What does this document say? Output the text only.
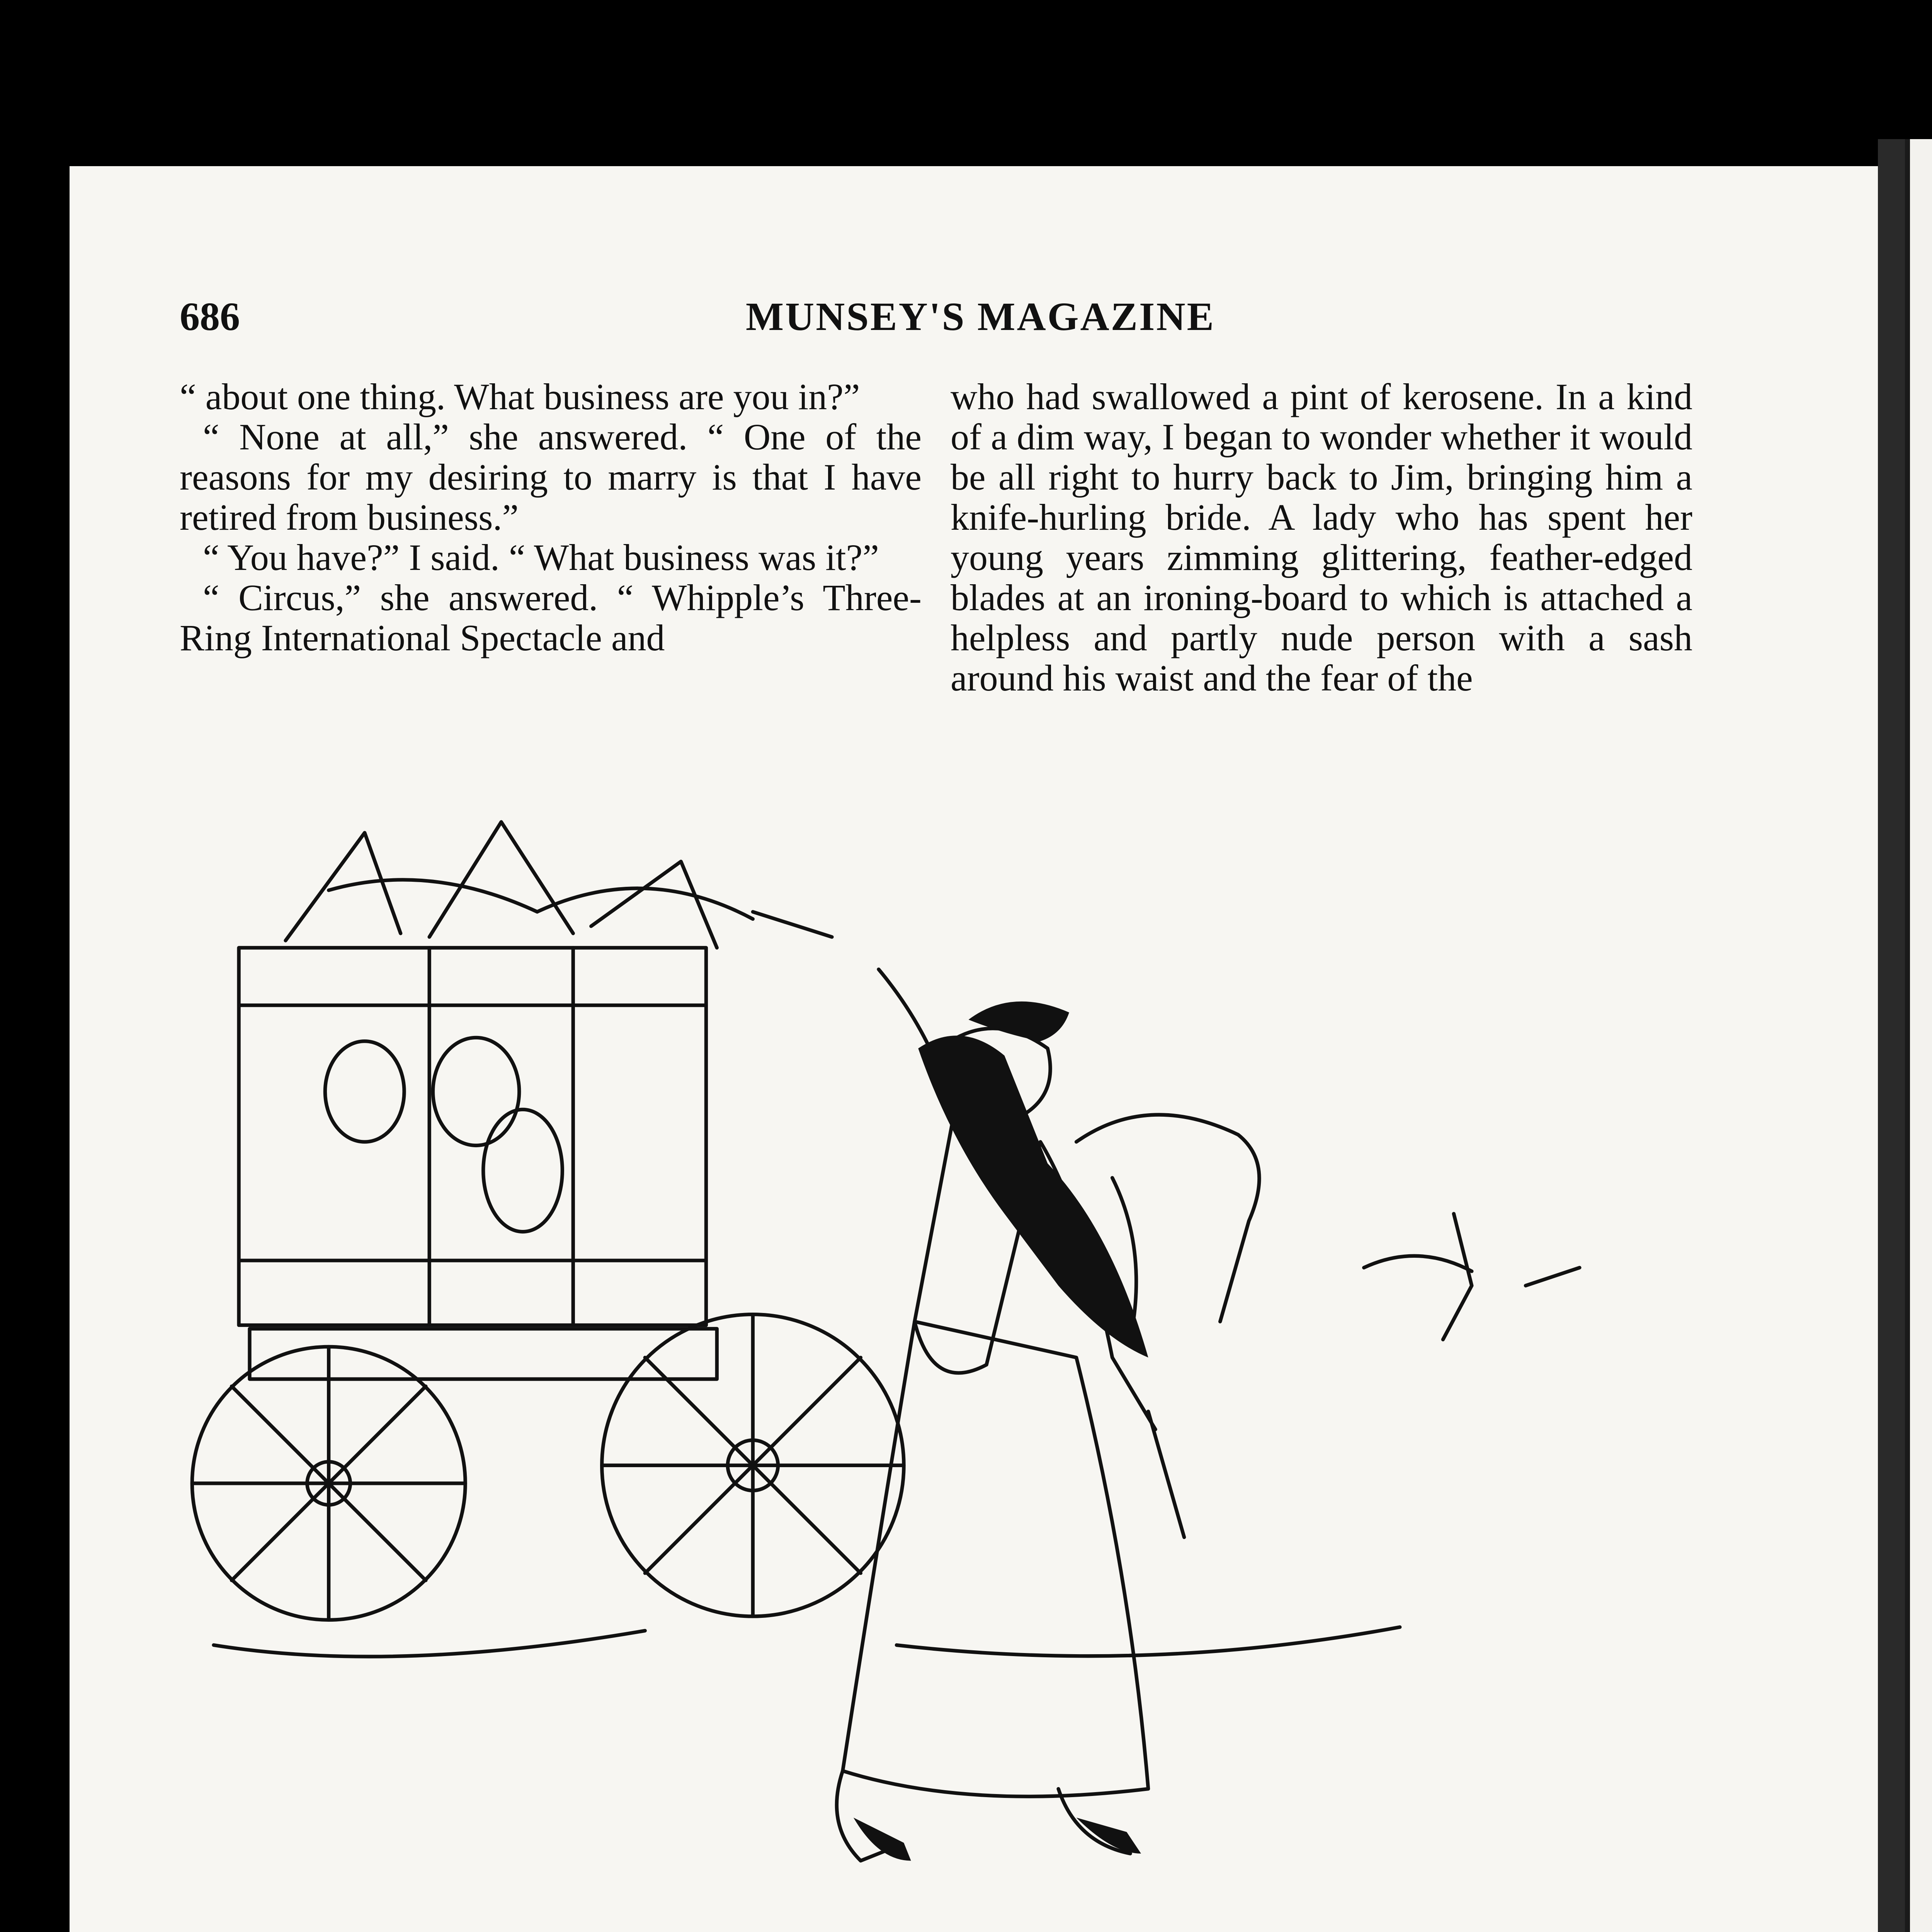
686	MUNSEY'S MAGAZINE

“ about one thing. What business are you in?”

“ None at all,” she answered. “ One of the reasons for my desiring to marry is that I have retired from business.”

“ You have?” I said. “ What business was it?”

“ Circus,” she answered. “ Whipple’s Three-Ring International Spectacle and

who had swallowed a pint of kerosene. In a kind of a dim way, I began to wonder whether it would be all right to hurry back to Jim, bringing him a knife-hurling bride. A lady who has spent her young years zimming glittering, feather-edged blades at an ironing-board to which is attached a helpless and partly nude person with a sash around his waist and the fear of the
